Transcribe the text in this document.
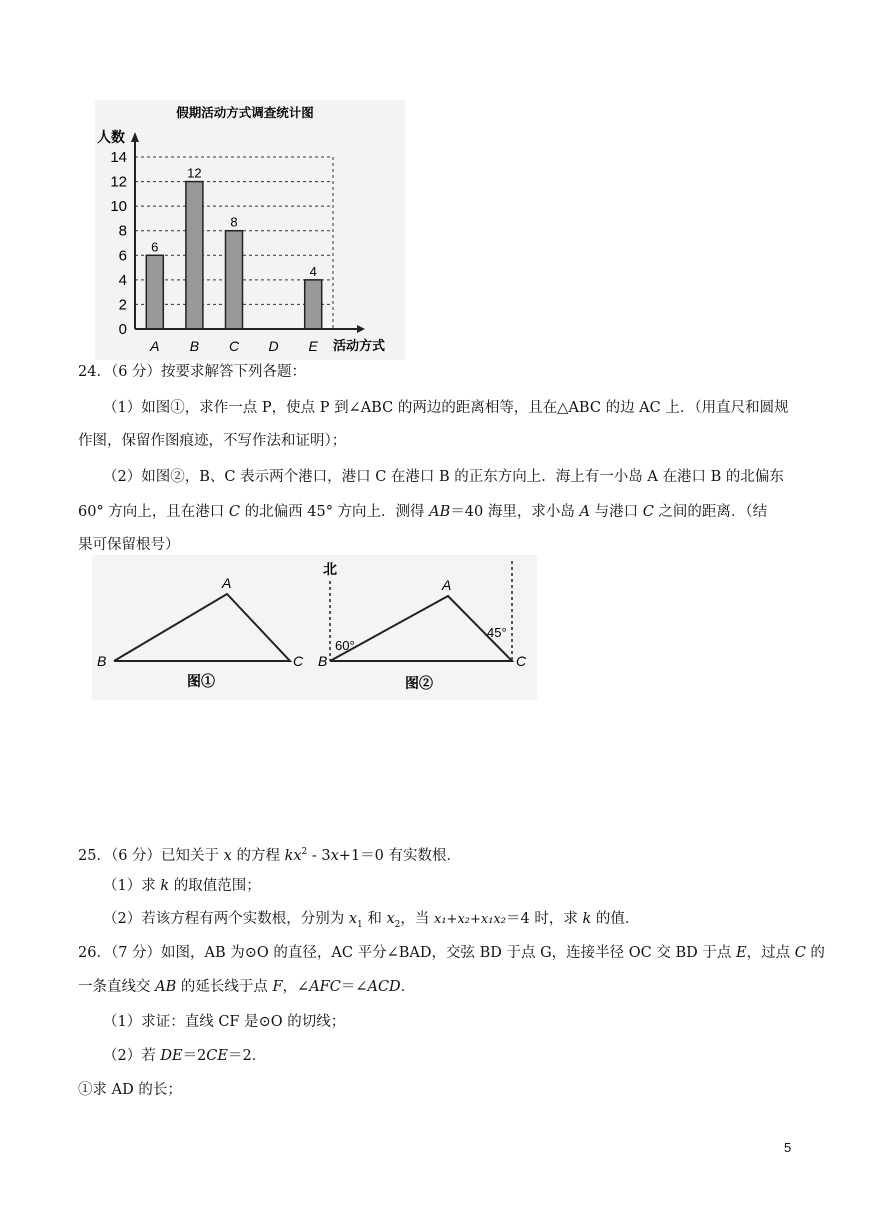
假期活动方式调查统计图
人数
活动方式
6
12
8
4
0
2
4
6
8
10
12
14
A B C D E
24．（6 分）按要求解答下列各题：
（1）如图①，求作一点 P，使点 P 到∠ABC 的两边的距离相等，且在△ABC 的边 AC 上．（用直尺和圆规
作图，保留作图痕迹，不写作法和证明）；
（2）如图②，B、C 表示两个港口，港口 C 在港口 B 的正东方向上．海上有一小岛 A 在港口 B 的北偏东
60° 方向上，且在港口 C 的北偏西 45° 方向上．测得 AB＝40 海里，求小岛 A 与港口 C 之间的距离．（结
果可保留根号）
A
B	C
图①
北
A
B	C
60°
45°
图②
25．（6 分）已知关于 x 的方程 $kx^2 - 3x+1=0$ 有实数根．
（1）求 k 的取值范围；
（2）若该方程有两个实数根，分别为 $x_1$ 和 $x_2$，当 x₁+x₂+x₁x₂＝4 时，求 k 的值．
26．（7 分）如图，AB 为⊙O 的直径，AC 平分∠BAD，交弦 BD 于点 G，连接半径 OC 交 BD 于点 E，过点 C 的
一条直线交 AB 的延长线于点 F，∠AFC＝∠ACD．
（1）求证：直线 CF 是⊙O 的切线；
（2）若 DE＝2CE＝2．
①求 AD 的长；
5
